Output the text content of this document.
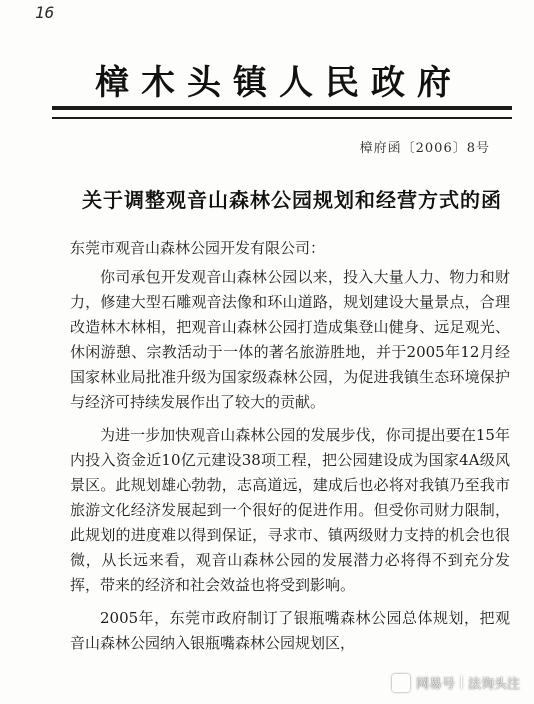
16
樟木头镇人民政府
樟府函〔2006〕8号
关于调整观音山森林公园规划和经营方式的函

东莞市观音山森林公园开发有限公司：

你司承包开发观音山森林公园以来，投入大量人力、物力和财力，修建大型石雕观音法像和环山道路，规划建设大量景点，合理改造林木林相，把观音山森林公园打造成集登山健身、远足观光、休闲游憩、宗教活动于一体的著名旅游胜地，并于2005年12月经国家林业局批准升级为国家级森林公园，为促进我镇生态环境保护与经济可持续发展作出了较大的贡献。

为进一步加快观音山森林公园的发展步伐，你司提出要在15年内投入资金近10亿元建设38项工程，把公园建设成为国家4A级风景区。此规划雄心勃勃，志高道远，建成后也必将对我镇乃至我市旅游文化经济发展起到一个很好的促进作用。但受你司财力限制，此规划的进度难以得到保证，寻求市、镇两级财力支持的机会也很微，从长远来看，观音山森林公园的发展潜力必将得不到充分发挥，带来的经济和社会效益也将受到影响。

2005年，东莞市政府制订了银瓶嘴森林公园总体规划，把观音山森林公园纳入银瓶嘴森林公园规划区，

网易号 法询头注
